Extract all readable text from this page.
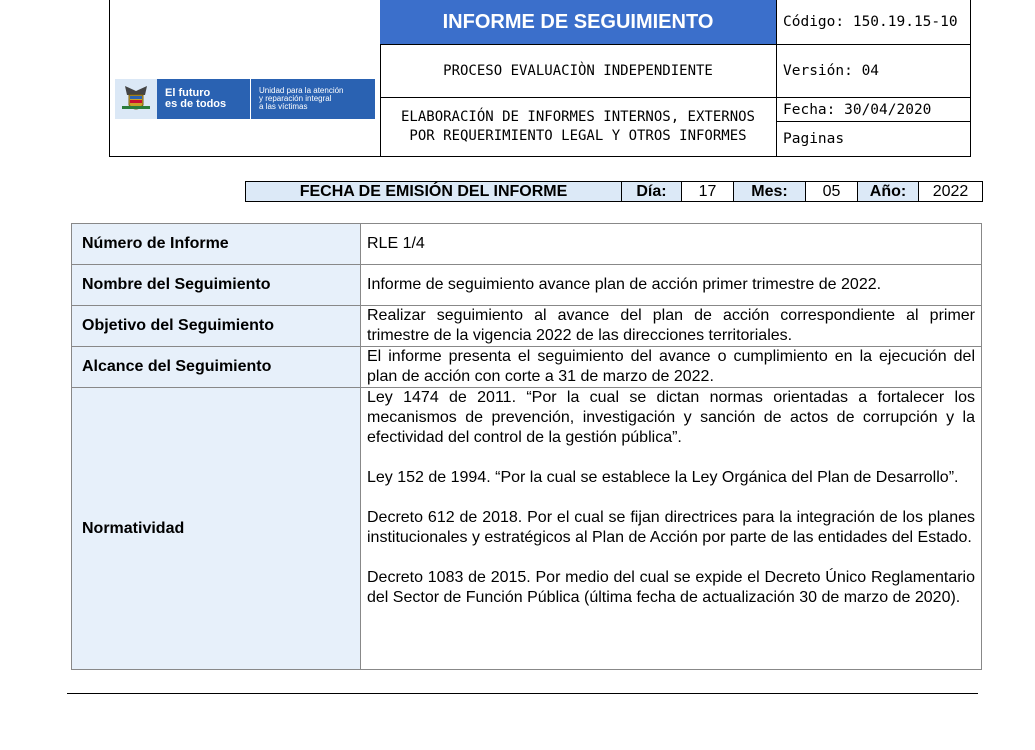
El futuro
es de todos
Unidad para la atención
y reparación integral
a las víctimas
INFORME DE SEGUIMIENTO
PROCESO EVALUACIÒN INDEPENDIENTE
ELABORACIÓN DE INFORMES INTERNOS, EXTERNOS POR REQUERIMIENTO LEGAL Y OTROS INFORMES
Código: 150.19.15-10
Versión: 04
Fecha: 30/04/2020
Paginas
FECHA DE EMISIÓN DEL INFORME	Día:	17	Mes:	05	Año:	2022
Número de Informe	RLE 1/4
Nombre del Seguimiento	Informe de seguimiento avance plan de acción primer trimestre de 2022.
Objetivo del Seguimiento	Realizar seguimiento al avance del plan de acción correspondiente al primer trimestre de la vigencia 2022 de las direcciones territoriales.
Alcance del Seguimiento	El informe presenta el seguimiento del avance o cumplimiento en la ejecución del plan de acción con corte a 31 de marzo de 2022.
Normatividad	Ley 1474 de 2011. “Por la cual se dictan normas orientadas a fortalecer los mecanismos de prevención, investigación y sanción de actos de corrupción y la efectividad del control de la gestión pública”.

Ley 152 de 1994. “Por la cual se establece la Ley Orgánica del Plan de Desarrollo”.

Decreto 612 de 2018. Por el cual se fijan directrices para la integración de los planes institucionales y estratégicos al Plan de Acción por parte de las entidades del Estado.

Decreto 1083 de 2015. Por medio del cual se expide el Decreto Único Reglamentario del Sector de Función Pública (última fecha de actualización 30 de marzo de 2020).
